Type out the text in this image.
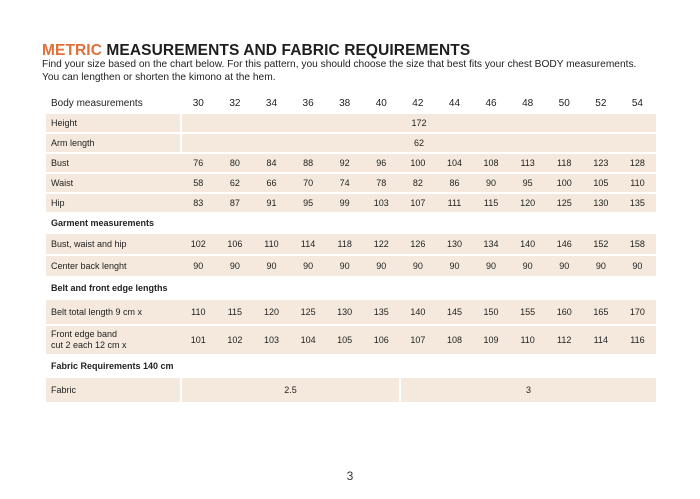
METRIC MEASUREMENTS AND FABRIC REQUIREMENTS

Find your size based on the chart below. For this pattern, you should choose the size that best fits your chest BODY measurements.

You can lengthen or shorten the kimono at the hem.

Body measurements	30	32	34	36	38	40	42	44	46	48	50	52	54
Height	172
Arm length	62
Bust	76	80	84	88	92	96	100	104	108	113	118	123	128
Waist	58	62	66	70	74	78	82	86	90	95	100	105	110
Hip	83	87	91	95	99	103	107	111	115	120	125	130	135
Garment measurements
Bust, waist and hip	102	106	110	114	118	122	126	130	134	140	146	152	158
Center back lenght	90	90	90	90	90	90	90	90	90	90	90	90	90
Belt and front edge lengths
Belt total length 9 cm x	110	115	120	125	130	135	140	145	150	155	160	165	170
Front edge band
cut 2 each 12 cm x	101	102	103	104	105	106	107	108	109	110	112	114	116
Fabric Requirements 140 cm
Fabric	2.5	3
3
